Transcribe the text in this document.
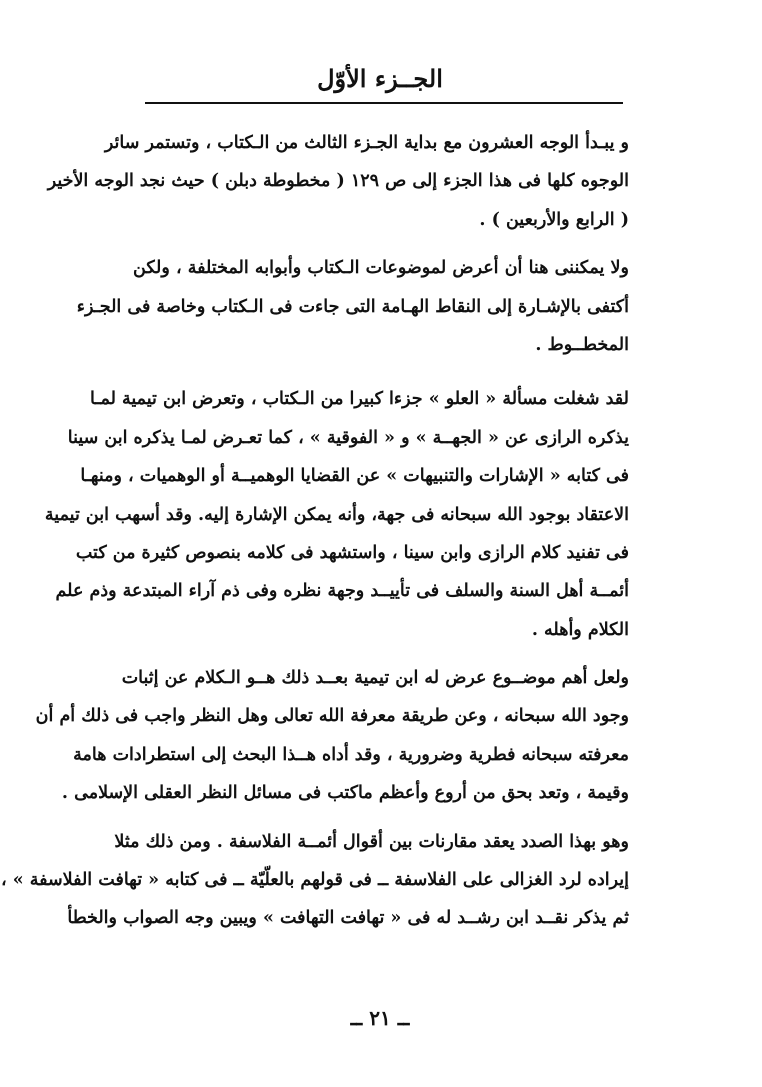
الجــزء الأوّل
و يبـدأ الوجه العشرون مع بداية الجـزء الثالث من الـكتاب ، وتستمر سائر
الوجوه كلها فى هذا الجزء إلى ص ١٢٩ ( مخطوطة دبلن ) حيث نجد الوجه الأخير
( الرابع والأربعين ) .
ولا يمكننى هنا أن أعرض لموضوعات الـكتاب وأبوابه المختلفة ، ولكن
أكتفى بالإشـارة إلى النقاط الهـامة التى جاءت فى الـكتاب وخاصة فى الجـزء
المخطــوط .
لقد شغلت مسألة « العلو » جزءا كبيرا من الـكتاب ، وتعرض ابن تيمية لمـا
يذكره الرازى عن « الجهــة » و « الفوقية » ، كما تعـرض لمـا يذكره ابن سينا
فى كتابه « الإشارات والتنبيهات » عن القضايا الوهميــة أو الوهميات ، ومنهـا
الاعتقاد بوجود الله سبحانه فى جهة، وأنه يمكن الإشارة إليه. وقد أسهب ابن تيمية
فى تفنيد كلام الرازى وابن سينا ، واستشهد فى كلامه بنصوص كثيرة من كتب
أئمــة أهل السنة والسلف فى تأييــد وجهة نظره وفى ذم آراء المبتدعة وذم علم
الكلام وأهله .
ولعل أهم موضــوع عرض له ابن تيمية بعــد ذلك هــو الـكلام عن إثبات
وجود الله سبحانه ، وعن طريقة معرفة الله تعالى وهل النظر واجب فى ذلك أم أن
معرفته سبحانه فطرية وضرورية ، وقد أداه هــذا البحث إلى استطرادات هامة
وقيمة ، وتعد بحق من أروع وأعظم ماكتب فى مسائل النظر العقلى الإسلامى .
وهو بهذا الصدد يعقد مقارنات بين أقوال أئمــة الفلاسفة . ومن ذلك مثلا
إيراده لرد الغزالى على الفلاسفة ــ فى قولهم بالعلّيّة ــ فى كتابه « تهافت الفلاسفة » ،
ثم يذكر نقــد ابن رشــد له فى « تهافت التهافت » ويبين وجه الصواب والخطأ
ــ ٢١ ــ
